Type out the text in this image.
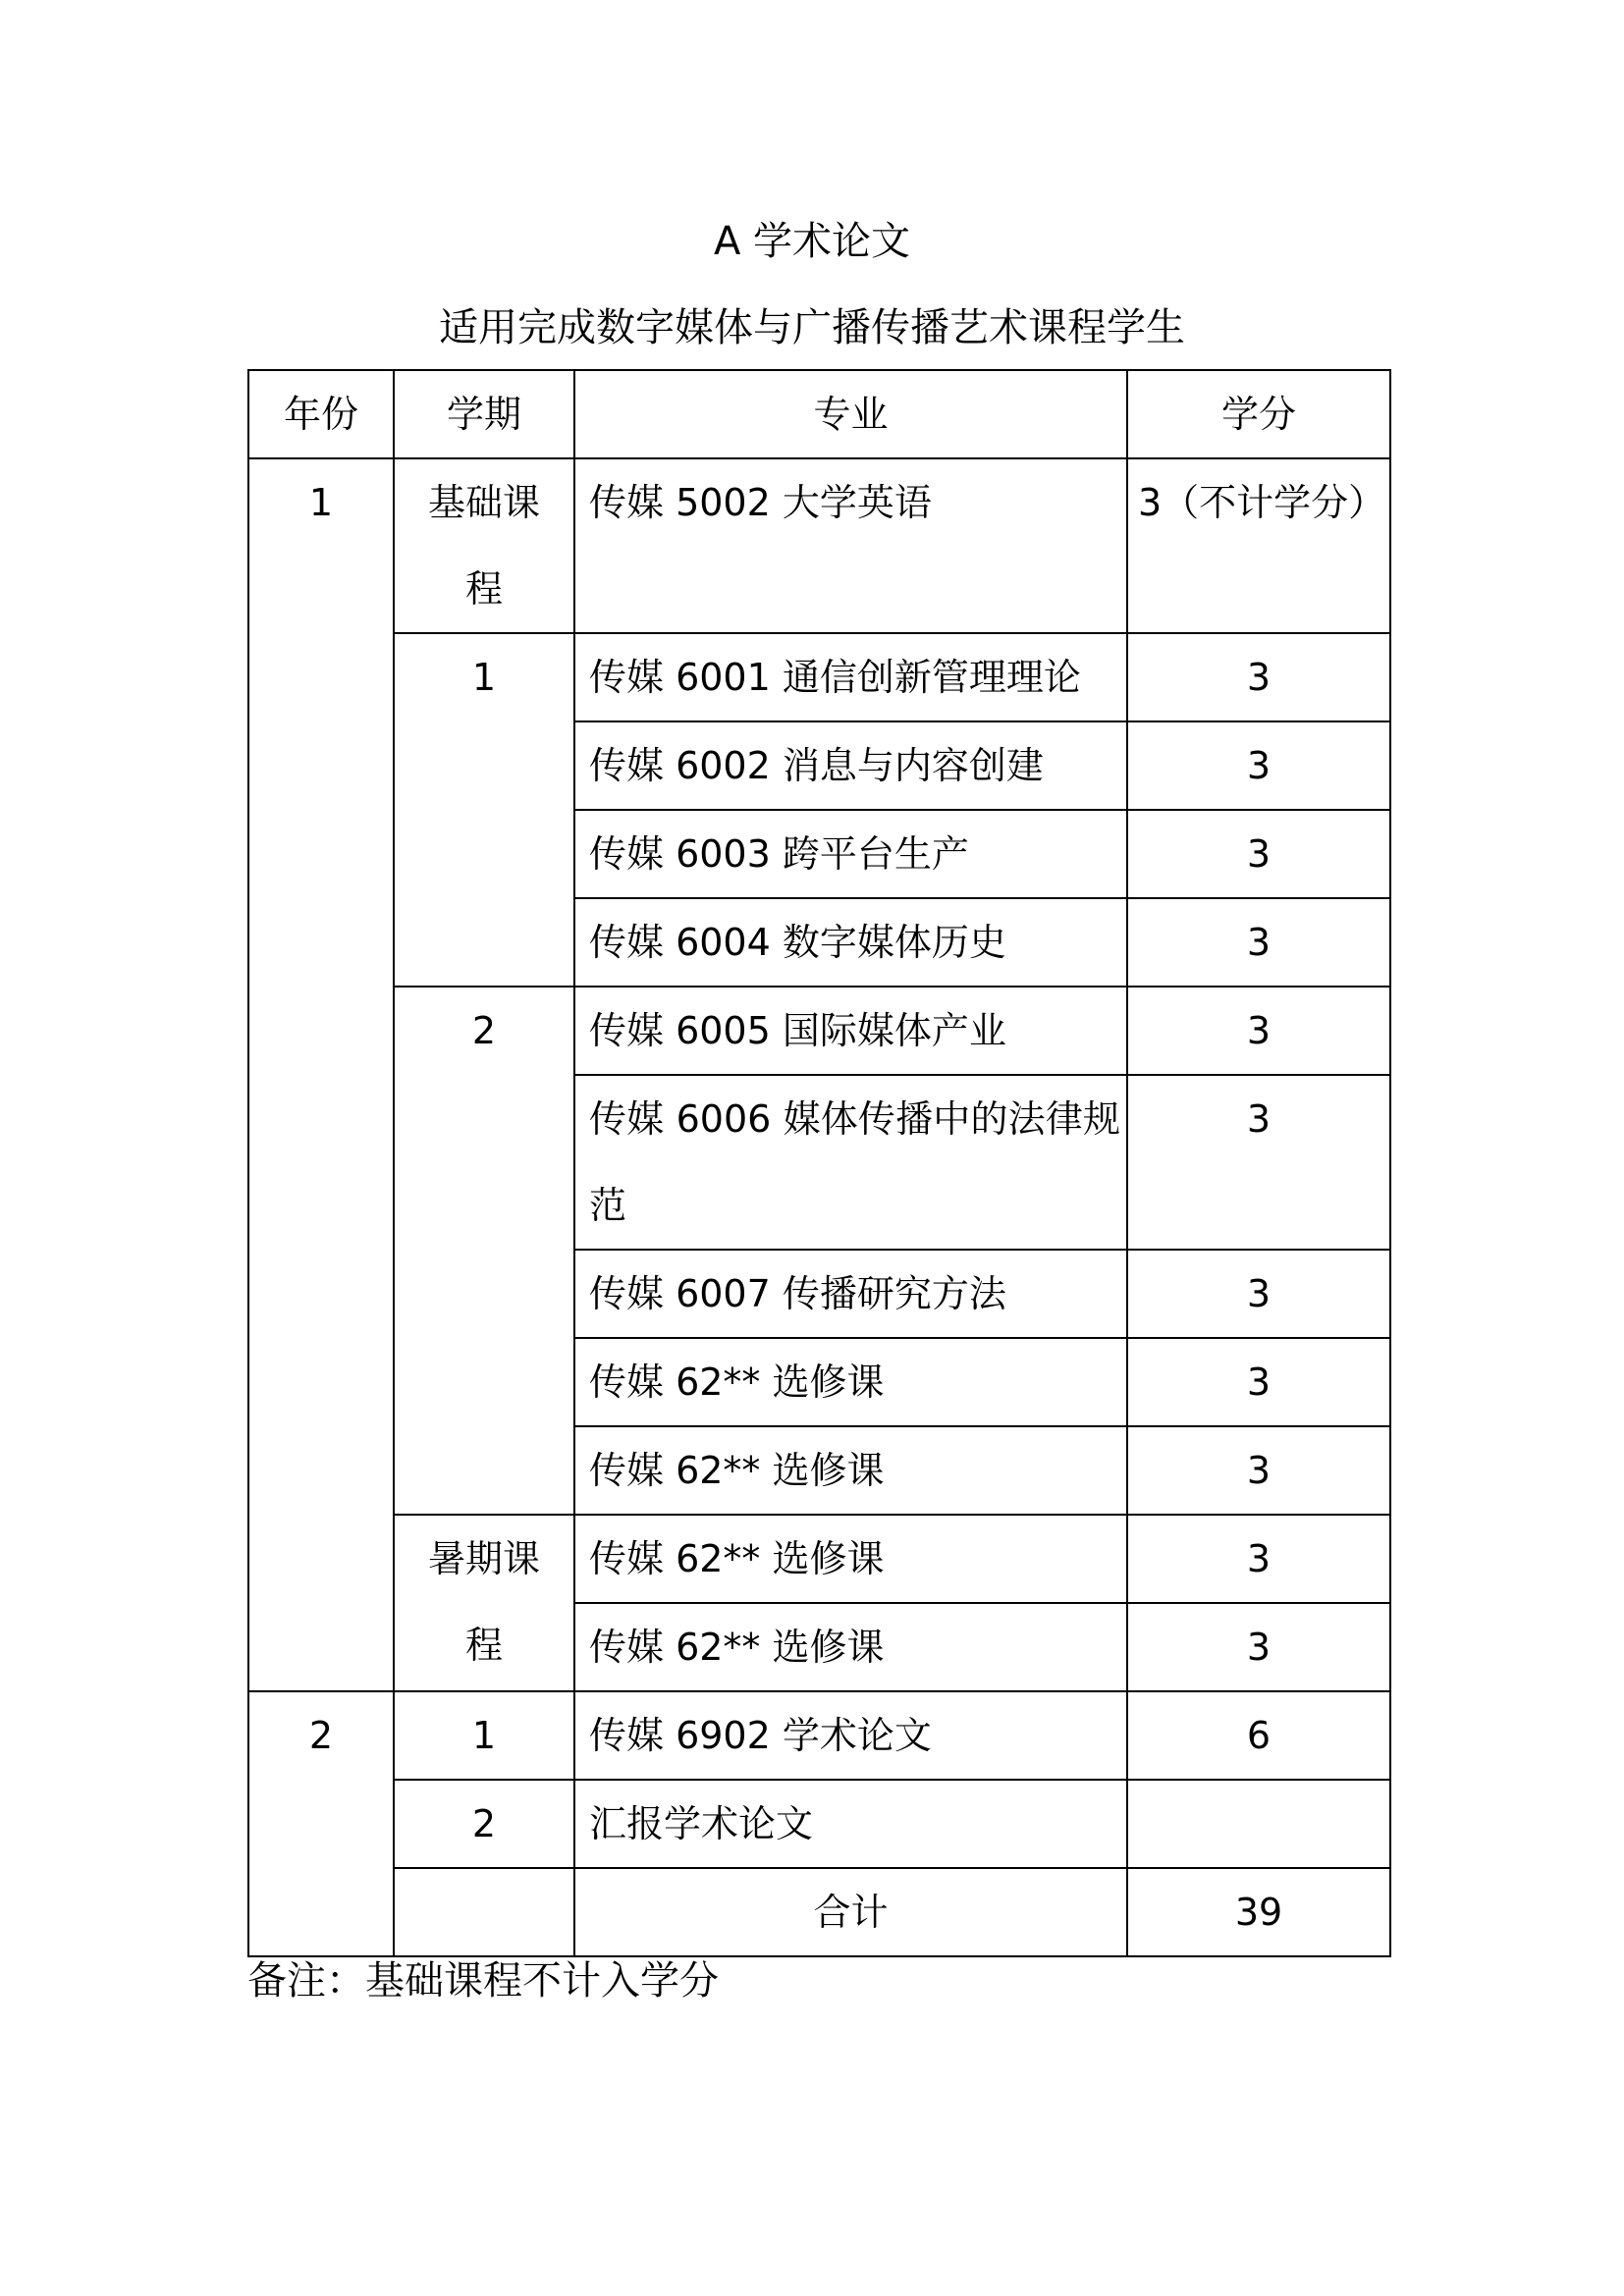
A 学术论文
适用完成数字媒体与广播传播艺术课程学生
年份	学期	专业	学分
1	基础课程	传媒 5002 大学英语	3（不计学分）

	1	传媒 6001 通信创新管理理论	3
		传媒 6002 消息与内容创建	3
		传媒 6003 跨平台生产	3
		传媒 6004 数字媒体历史	3
	2	传媒 6005 国际媒体产业	3

		传媒 6006 媒体传播中的法律规范	3

		传媒 6007 传播研究方法	3
		传媒 62** 选修课	3
		传媒 62** 选修课	3

	暑期课程	传媒 62** 选修课	3
		传媒 62** 选修课	3
2	1	传媒 6902 学术论文	6
	2	汇报学术论文	
		合计	39

备注：基础课程不计入学分
